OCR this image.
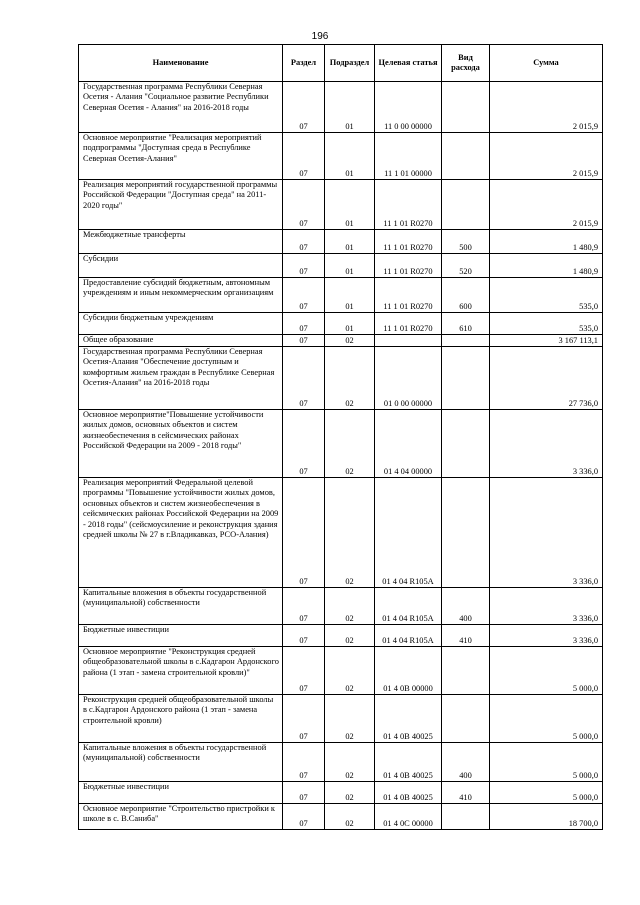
196
Наименование	Раздел	Подраздел	Целевая статья	Вид расхода	Сумма
Государственная программа Республики Северная Осетия - Алания "Социальное развитие Республики Северная Осетия - Алания" на 2016-2018 годы	07	01	11 0 00 00000		2 015,9
Основное мероприятие "Реализация мероприятий подпрограммы "Доступная среда в Республике Северная Осетия-Алания"	07	01	11 1 01 00000		2 015,9
Реализация мероприятий государственной программы Российской Федерации "Доступная среда" на 2011-2020 годы"	07	01	11 1 01 R0270		2 015,9
Межбюджетные трансферты	07	01	11 1 01 R0270	500	1 480,9
Субсидии	07	01	11 1 01 R0270	520	1 480,9
Предоставление субсидий бюджетным, автономным учреждениям и иным некоммерческим организациям	07	01	11 1 01 R0270	600	535,0
Субсидии бюджетным учреждениям	07	01	11 1 01 R0270	610	535,0
Общее образование	07	02			3 167 113,1
Государственная программа Республики Северная Осетия-Алания "Обеспечение доступным и комфортным жильем граждан в Республике Северная Осетия-Алания" на 2016-2018 годы	07	02	01 0 00 00000		27 736,0
Основное мероприятие"Повышение устойчивости жилых домов, основных объектов и систем жизнеобеспечения в сейсмических районах Российской Федерации на 2009 - 2018 годы"	07	02	01 4 04 00000		3 336,0
Реализация мероприятий Федеральной целевой программы "Повышение устойчивости жилых домов, основных объектов и систем жизнеобеспечения в сейсмических районах Российской Федерации на 2009 - 2018 годы" (сейсмоусиление и реконструкция здания средней школы № 27 в г.Владикавказ, РСО-Алания)	07	02	01 4 04 R105А		3 336,0
Капитальные вложения в объекты государственной (муниципальной) собственности	07	02	01 4 04 R105А	400	3 336,0
Бюджетные инвестиции	07	02	01 4 04 R105А	410	3 336,0
Основное мероприятие "Реконструкция средней общеобразовательной школы в с.Кадгарон Ардонского района (1 этап - замена строительной кровли)"	07	02	01 4 0В 00000		5 000,0
Реконструкция средней общеобразовательной школы в с.Кадгарон Ардонского района (1 этап - замена строительной кровли)	07	02	01 4 0В 40025		5 000,0
Капитальные вложения в объекты государственной (муниципальной) собственности	07	02	01 4 0В 40025	400	5 000,0
Бюджетные инвестиции	07	02	01 4 0В 40025	410	5 000,0
Основное мероприятие "Строительство пристройки к школе в с. В.Саниба"	07	02	01 4 0С 00000		18 700,0
